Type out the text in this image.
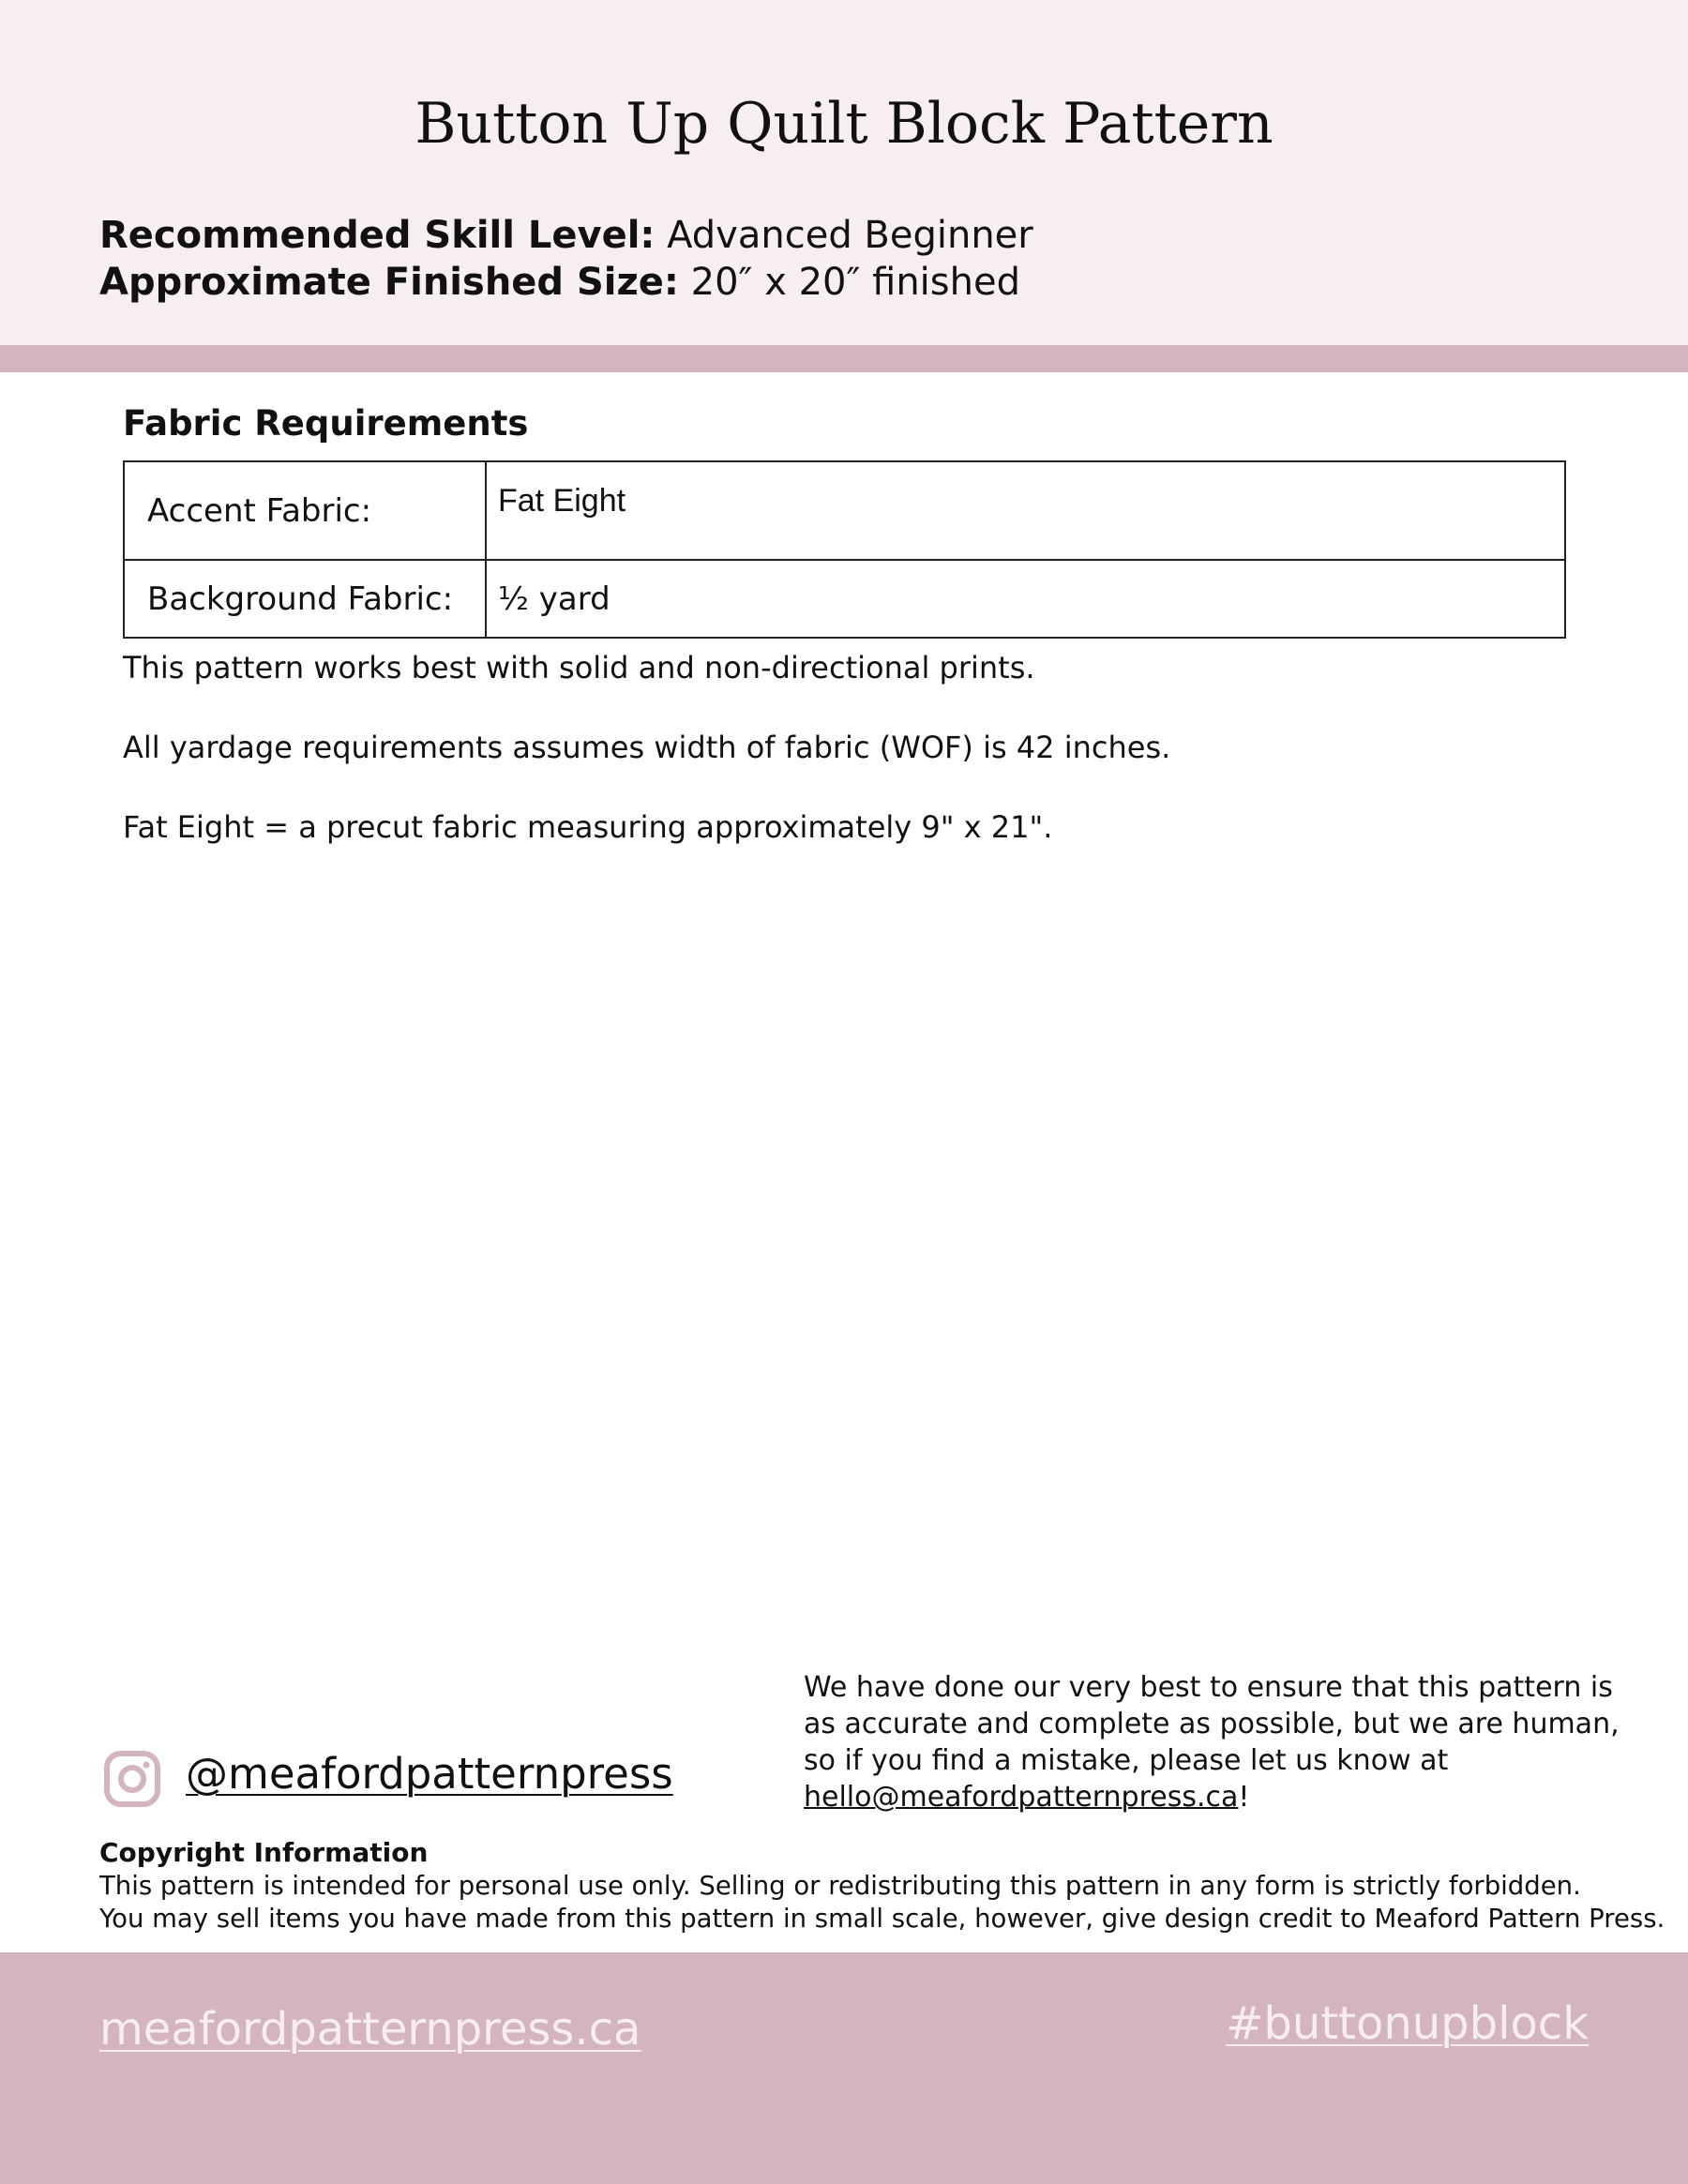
Button Up Quilt Block Pattern
Recommended Skill Level: Advanced Beginner
Approximate Finished Size: 20″ x 20″ finished
Fabric Requirements
Accent Fabric:	Fat Eight
Background Fabric:	½ yard
This pattern works best with solid and non-directional prints.
All yardage requirements assumes width of fabric (WOF) is 42 inches.
Fat Eight = a precut fabric measuring approximately 9" x 21".
@meafordpatternpress
We have done our very best to ensure that this pattern is
as accurate and complete as possible, but we are human,
so if you find a mistake, please let us know at
hello@meafordpatternpress.ca!
Copyright Information
This pattern is intended for personal use only. Selling or redistributing this pattern in any form is strictly forbidden.
You may sell items you have made from this pattern in small scale, however, give design credit to Meaford Pattern Press.
meafordpatternpress.ca	#buttonupblock
